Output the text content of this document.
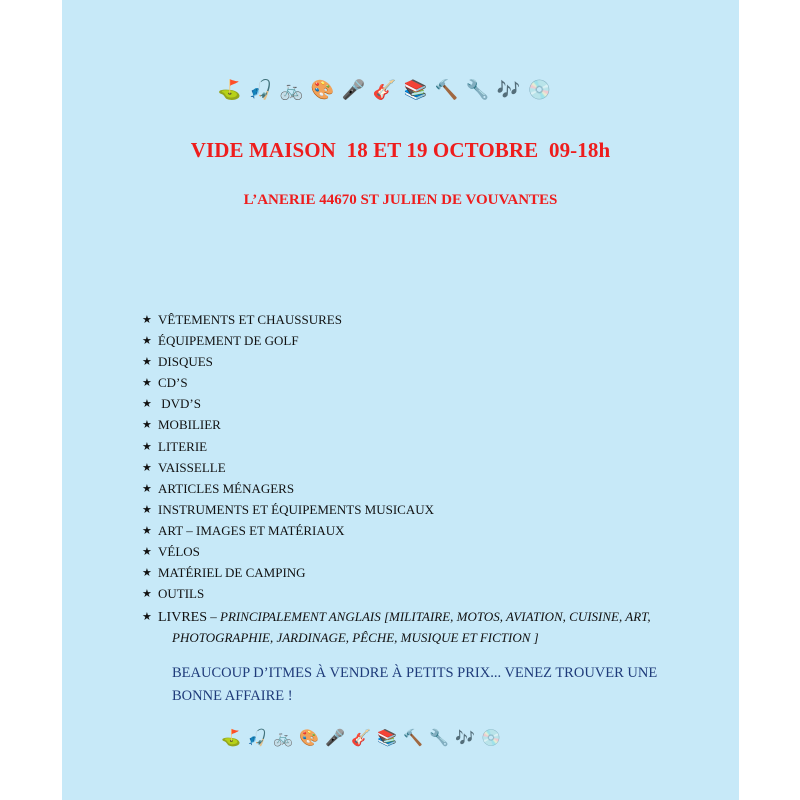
⛳ 🎣 🚲 🎨 🎤 🎸 📚 🔨 🔧 🎶 💿
VIDE MAISON  18 ET 19 OCTOBRE  09-18h
L’ANERIE 44670 ST JULIEN DE VOUVANTES
★ VÊTEMENTS ET CHAUSSURES
★ ÉQUIPEMENT DE GOLF
★ DISQUES
★ CD’S
★ DVD’S
★ MOBILIER
★ LITERIE
★ VAISSELLE
★ ARTICLES MÉNAGERS
★ INSTRUMENTS ET ÉQUIPEMENTS MUSICAUX
★ ART – IMAGES ET MATÉRIAUX
★ VÉLOS
★ MATÉRIEL DE CAMPING
★ OUTILS
★ LIVRES – PRINCIPALEMENT ANGLAIS [MILITAIRE, MOTOS, AVIATION, CUISINE, ART,
PHOTOGRAPHIE, JARDINAGE, PÊCHE, MUSIQUE ET FICTION ]
BEAUCOUP D’ITMES À VENDRE À PETITS PRIX... VENEZ TROUVER UNE BONNE AFFAIRE !
⛳ 🎣 🚲 🎨 🎤 🎸 📚 🔨 🔧 🎶 💿
